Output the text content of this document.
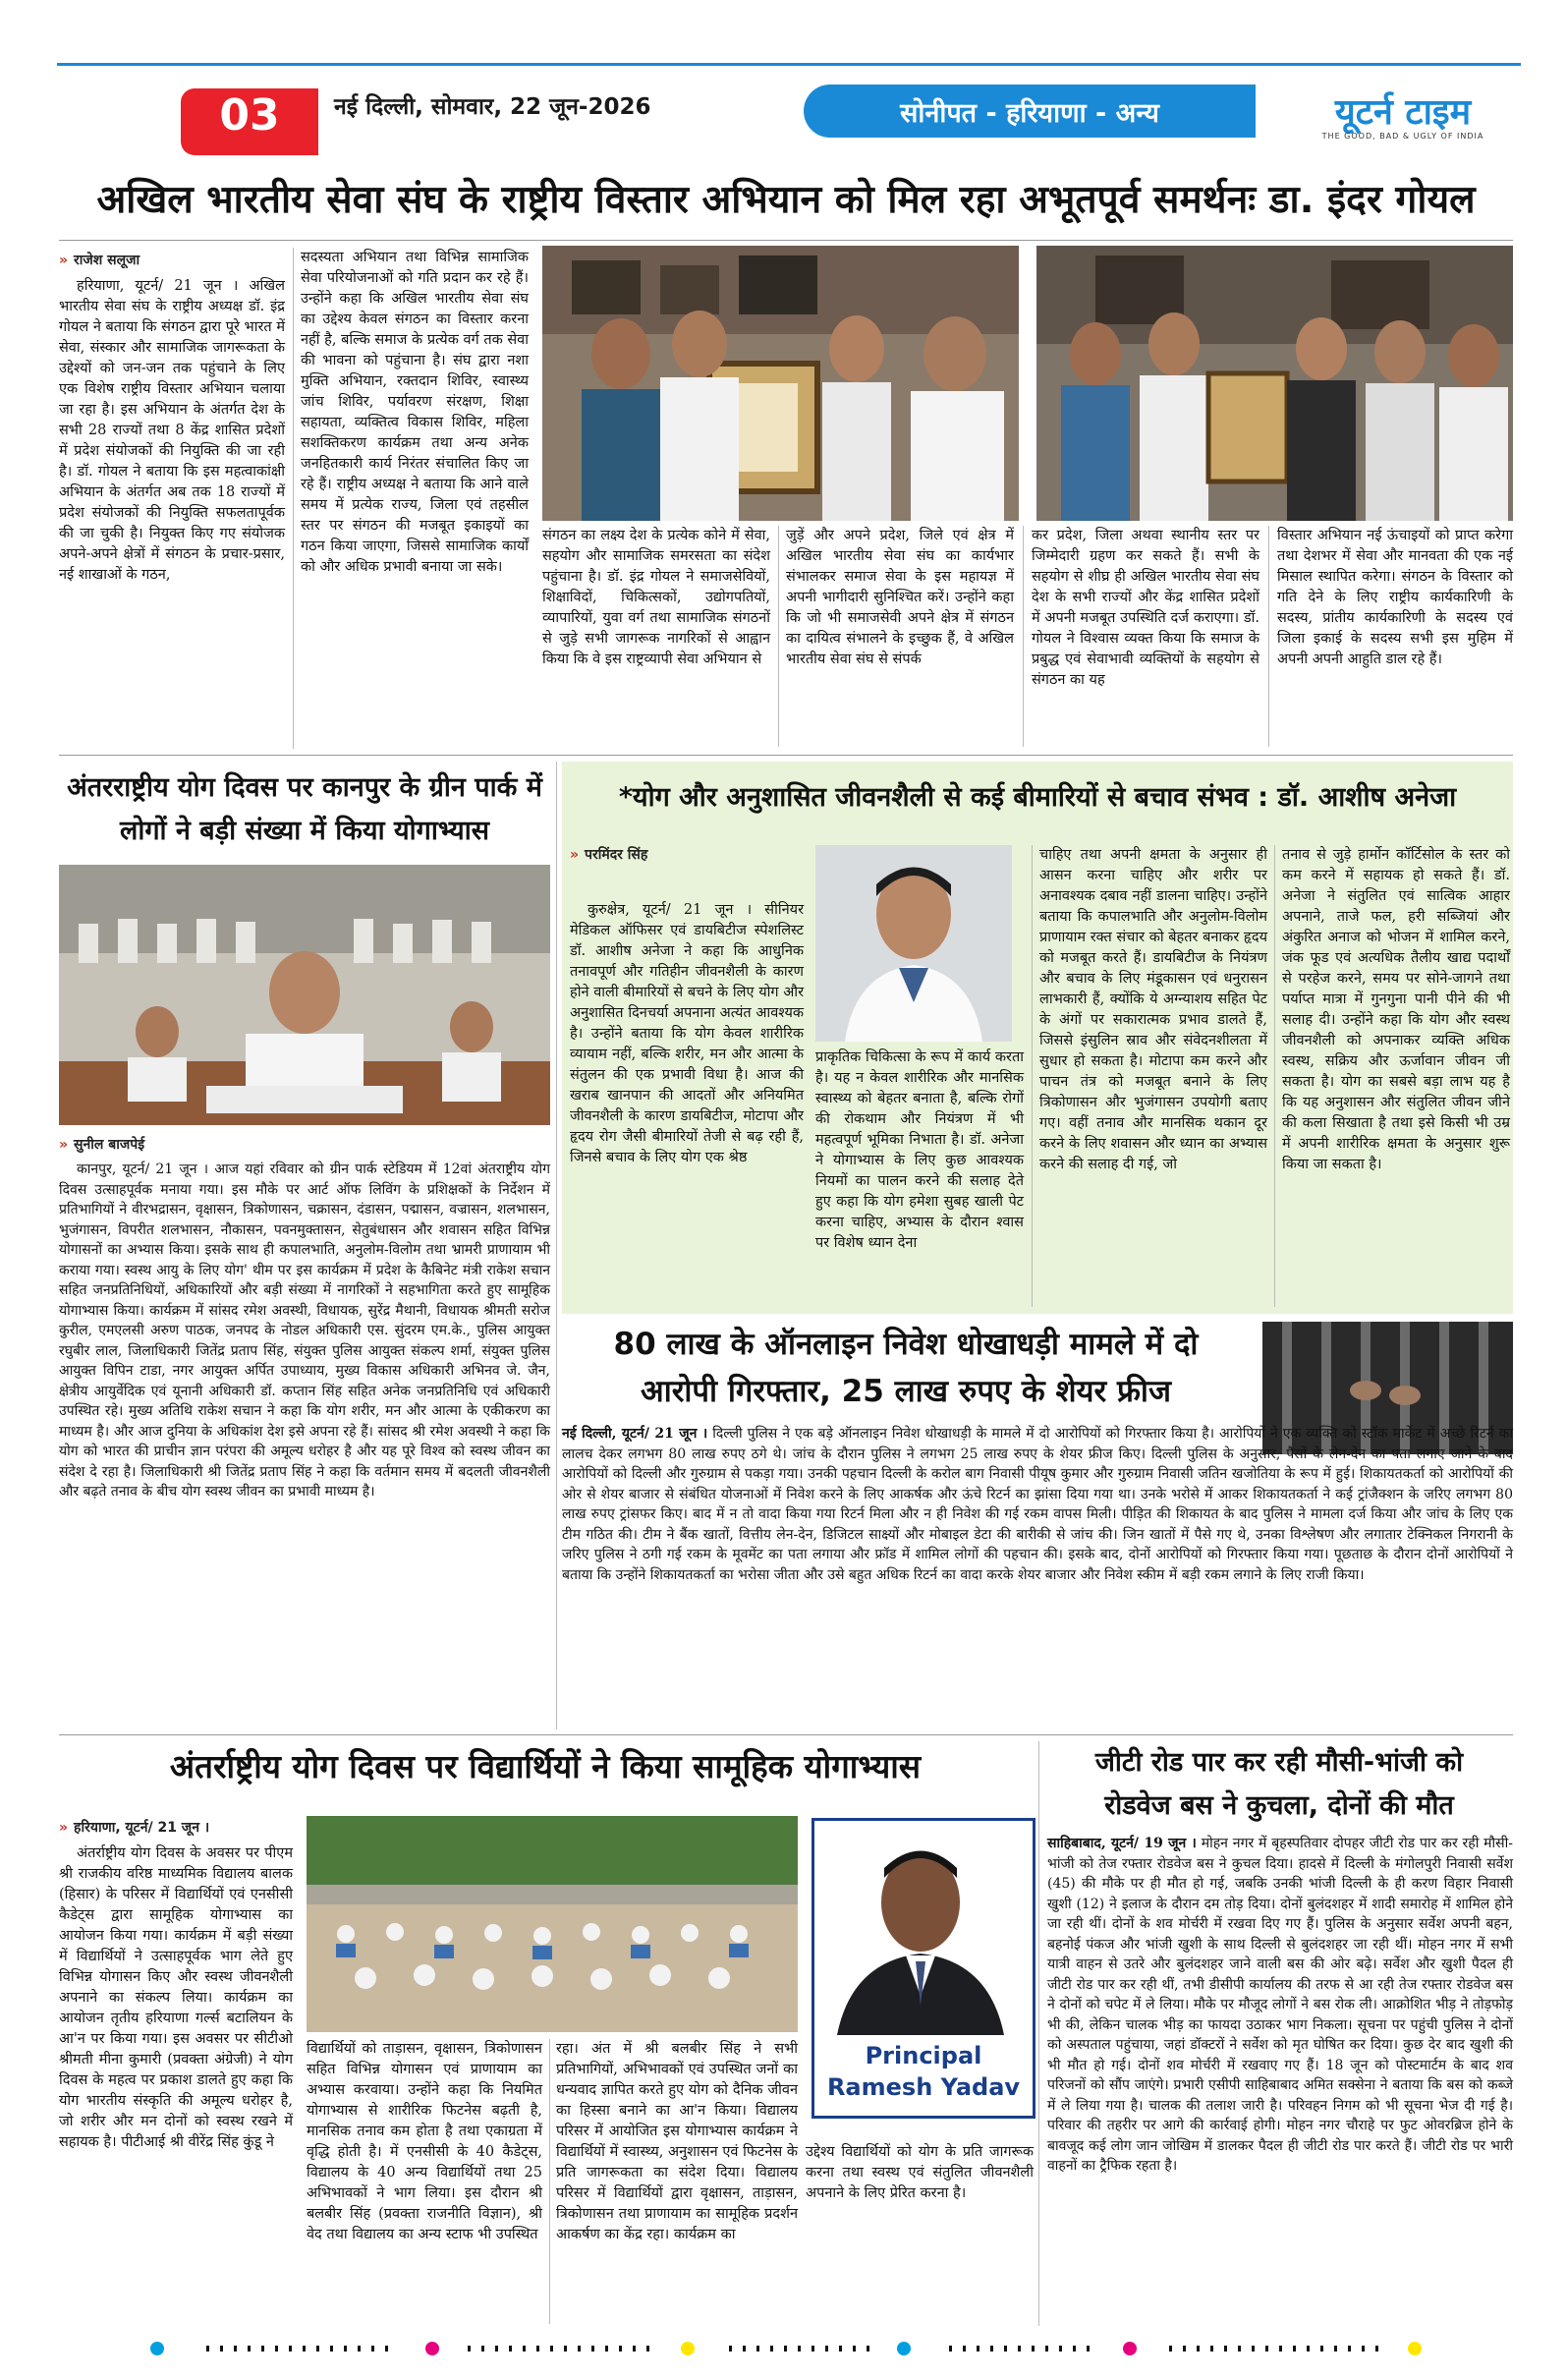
03	नई दिल्ली, सोमवार, 22 जून-2026	सोनीपत - हरियाणा - अन्य	यूटर्न टाइम
THE GOOD, BAD & UGLY OF INDIA
अखिल भारतीय सेवा संघ के राष्ट्रीय विस्तार अभियान को मिल रहा अभूतपूर्व समर्थनः डा. इंदर गोयल
» राजेश सलूजा

हरियाणा, यूटर्न/ 21 जून । अखिल भारतीय सेवा संघ के राष्ट्रीय अध्यक्ष डॉ. इंद्र गोयल ने बताया कि संगठन द्वारा पूरे भारत में सेवा, संस्कार और सामाजिक जागरूकता के उद्देश्यों को जन-जन तक पहुंचाने के लिए एक विशेष राष्ट्रीय विस्तार अभियान चलाया जा रहा है। इस अभियान के अंतर्गत देश के सभी 28 राज्यों तथा 8 केंद्र शासित प्रदेशों में प्रदेश संयोजकों की नियुक्ति की जा रही है। डॉ. गोयल ने बताया कि इस महत्वाकांक्षी अभियान के अंतर्गत अब तक 18 राज्यों में प्रदेश संयोजकों की नियुक्ति सफलतापूर्वक की जा चुकी है। नियुक्त किए गए संयोजक अपने-अपने क्षेत्रों में संगठन के प्रचार-प्रसार, नई शाखाओं के गठन,

सदस्यता अभियान तथा विभिन्न सामाजिक सेवा परियोजनाओं को गति प्रदान कर रहे हैं। उन्होंने कहा कि अखिल भारतीय सेवा संघ का उद्देश्य केवल संगठन का विस्तार करना नहीं है, बल्कि समाज के प्रत्येक वर्ग तक सेवा की भावना को पहुंचाना है। संघ द्वारा नशा मुक्ति अभियान, रक्तदान शिविर, स्वास्थ्य जांच शिविर, पर्यावरण संरक्षण, शिक्षा सहायता, व्यक्तित्व विकास शिविर, महिला सशक्तिकरण कार्यक्रम तथा अन्य अनेक जनहितकारी कार्य निरंतर संचालित किए जा रहे हैं। राष्ट्रीय अध्यक्ष ने बताया कि आने वाले समय में प्रत्येक राज्य, जिला एवं तहसील स्तर पर संगठन की मजबूत इकाइयों का गठन किया जाएगा, जिससे सामाजिक कार्यों को और अधिक प्रभावी बनाया जा सके।

संगठन का लक्ष्य देश के प्रत्येक कोने में सेवा, सहयोग और सामाजिक समरसता का संदेश पहुंचाना है। डॉ. इंद्र गोयल ने समाजसेवियों, शिक्षाविदों, चिकित्सकों, उद्योगपतियों, व्यापारियों, युवा वर्ग तथा सामाजिक संगठनों से जुड़े सभी जागरूक नागरिकों से आह्वान किया कि वे इस राष्ट्रव्यापी सेवा अभियान से

जुड़ें और अपने प्रदेश, जिले एवं क्षेत्र में अखिल भारतीय सेवा संघ का कार्यभार संभालकर समाज सेवा के इस महायज्ञ में अपनी भागीदारी सुनिश्चित करें। उन्होंने कहा कि जो भी समाजसेवी अपने क्षेत्र में संगठन का दायित्व संभालने के इच्छुक हैं, वे अखिल भारतीय सेवा संघ से संपर्क

कर प्रदेश, जिला अथवा स्थानीय स्तर पर जिम्मेदारी ग्रहण कर सकते हैं। सभी के सहयोग से शीघ्र ही अखिल भारतीय सेवा संघ देश के सभी राज्यों और केंद्र शासित प्रदेशों में अपनी मजबूत उपस्थिति दर्ज कराएगा। डॉ. गोयल ने विश्वास व्यक्त किया कि समाज के प्रबुद्ध एवं सेवाभावी व्यक्तियों के सहयोग से संगठन का यह

विस्तार अभियान नई ऊंचाइयों को प्राप्त करेगा तथा देशभर में सेवा और मानवता की एक नई मिसाल स्थापित करेगा। संगठन के विस्तार को गति देने के लिए राष्ट्रीय कार्यकारिणी के सदस्य, प्रांतीय कार्यकारिणी के सदस्य एवं जिला इकाई के सदस्य सभी इस मुहिम में अपनी अपनी आहुति डाल रहे हैं।

अंतरराष्ट्रीय योग दिवस पर कानपुर के ग्रीन पार्क में लोगों ने बड़ी संख्या में किया योगाभ्यास
» सुनील बाजपेई

कानपुर, यूटर्न/ 21 जून । आज यहां रविवार को ग्रीन पार्क स्टेडियम में 12वां अंतराष्ट्रीय योग दिवस उत्साहपूर्वक मनाया गया। इस मौके पर आर्ट ऑफ लिविंग के प्रशिक्षकों के निर्देशन में प्रतिभागियों ने वीरभद्रासन, वृक्षासन, त्रिकोणासन, चक्रासन, दंडासन, पद्मासन, वज्रासन, शलभासन, भुजंगासन, विपरीत शलभासन, नौकासन, पवनमुक्तासन, सेतुबंधासन और शवासन सहित विभिन्न योगासनों का अभ्यास किया। इसके साथ ही कपालभाति, अनुलोम-विलोम तथा भ्रामरी प्राणायाम भी कराया गया। स्वस्थ आयु के लिए योग' थीम पर इस कार्यक्रम में प्रदेश के कैबिनेट मंत्री राकेश सचान सहित जनप्रतिनिधियों, अधिकारियों और बड़ी संख्या में नागरिकों ने सहभागिता करते हुए सामूहिक योगाभ्यास किया। कार्यक्रम में सांसद रमेश अवस्थी, विधायक, सुरेंद्र मैथानी, विधायक श्रीमती सरोज कुरील, एमएलसी अरुण पाठक, जनपद के नोडल अधिकारी एस. सुंदरम एम.के., पुलिस आयुक्त रघुबीर लाल, जिलाधिकारी जितेंद्र प्रताप सिंह, संयुक्त पुलिस आयुक्त संकल्प शर्मा, संयुक्त पुलिस आयुक्त विपिन टाडा, नगर आयुक्त अर्पित उपाध्याय, मुख्य विकास अधिकारी अभिनव जे. जैन, क्षेत्रीय आयुर्वेदिक एवं यूनानी अधिकारी डॉ. कप्तान सिंह सहित अनेक जनप्रतिनिधि एवं अधिकारी उपस्थित रहे। मुख्य अतिथि राकेश सचान ने कहा कि योग शरीर, मन और आत्मा के एकीकरण का माध्यम है। और आज दुनिया के अधिकांश देश इसे अपना रहे हैं। सांसद श्री रमेश अवस्थी ने कहा कि योग को भारत की प्राचीन ज्ञान परंपरा की अमूल्य धरोहर है और यह पूरे विश्व को स्वस्थ जीवन का संदेश दे रहा है। जिलाधिकारी श्री जितेंद्र प्रताप सिंह ने कहा कि वर्तमान समय में बदलती जीवनशैली और बढ़ते तनाव के बीच योग स्वस्थ जीवन का प्रभावी माध्यम है।

*योग और अनुशासित जीवनशैली से कई बीमारियों से बचाव संभव : डॉ. आशीष अनेजा
» परमिंदर सिंह

कुरुक्षेत्र, यूटर्न/ 21 जून । सीनियर मेडिकल ऑफिसर एवं डायबिटीज स्पेशलिस्ट डॉ. आशीष अनेजा ने कहा कि आधुनिक तनावपूर्ण और गतिहीन जीवनशैली के कारण होने वाली बीमारियों से बचने के लिए योग और अनुशासित दिनचर्या अपनाना अत्यंत आवश्यक है। उन्होंने बताया कि योग केवल शारीरिक व्यायाम नहीं, बल्कि शरीर, मन और आत्मा के संतुलन की एक प्रभावी विधा है। आज की खराब खानपान की आदतों और अनियमित जीवनशैली के कारण डायबिटीज, मोटापा और हृदय रोग जैसी बीमारियों तेजी से बढ़ रही हैं, जिनसे बचाव के लिए योग एक श्रेष्ठ

प्राकृतिक चिकित्सा के रूप में कार्य करता है। यह न केवल शारीरिक और मानसिक स्वास्थ्य को बेहतर बनाता है, बल्कि रोगों की रोकथाम और नियंत्रण में भी महत्वपूर्ण भूमिका निभाता है। डॉ. अनेजा ने योगाभ्यास के लिए कुछ आवश्यक नियमों का पालन करने की सलाह देते हुए कहा कि योग हमेशा सुबह खाली पेट करना चाहिए, अभ्यास के दौरान श्वास पर विशेष ध्यान देना

चाहिए तथा अपनी क्षमता के अनुसार ही आसन करना चाहिए और शरीर पर अनावश्यक दबाव नहीं डालना चाहिए। उन्होंने बताया कि कपालभाति और अनुलोम-विलोम प्राणायाम रक्त संचार को बेहतर बनाकर हृदय को मजबूत करते हैं। डायबिटीज के नियंत्रण और बचाव के लिए मंडूकासन एवं धनुरासन लाभकारी हैं, क्योंकि ये अग्न्याशय सहित पेट के अंगों पर सकारात्मक प्रभाव डालते हैं, जिससे इंसुलिन स्राव और संवेदनशीलता में सुधार हो सकता है। मोटापा कम करने और पाचन तंत्र को मजबूत बनाने के लिए त्रिकोणासन और भुजंगासन उपयोगी बताए गए। वहीं तनाव और मानसिक थकान दूर करने के लिए शवासन और ध्यान का अभ्यास करने की सलाह दी गई, जो

तनाव से जुड़े हार्मोन कॉर्टिसोल के स्तर को कम करने में सहायक हो सकते हैं। डॉ. अनेजा ने संतुलित एवं सात्विक आहार अपनाने, ताजे फल, हरी सब्जियां और अंकुरित अनाज को भोजन में शामिल करने, जंक फूड एवं अत्यधिक तैलीय खाद्य पदार्थों से परहेज करने, समय पर सोने-जागने तथा पर्याप्त मात्रा में गुनगुना पानी पीने की भी सलाह दी। उन्होंने कहा कि योग और स्वस्थ जीवनशैली को अपनाकर व्यक्ति अधिक स्वस्थ, सक्रिय और ऊर्जावान जीवन जी सकता है। योग का सबसे बड़ा लाभ यह है कि यह अनुशासन और संतुलित जीवन जीने की कला सिखाता है तथा इसे किसी भी उम्र में अपनी शारीरिक क्षमता के अनुसार शुरू किया जा सकता है।

80 लाख के ऑनलाइन निवेश धोखाधड़ी मामले में दो
आरोपी गिरफ्तार, 25 लाख रुपए के शेयर फ्रीज

नई दिल्ली, यूटर्न/ 21 जून । दिल्ली पुलिस ने एक बड़े ऑनलाइन निवेश धोखाधड़ी के मामले में दो आरोपियों को गिरफ्तार किया है। आरोपियों ने एक व्यक्ति को स्टॉक मार्केट में अच्छे रिटर्न का लालच देकर लगभग 80 लाख रुपए ठगे थे। जांच के दौरान पुलिस ने लगभग 25 लाख रुपए के शेयर फ्रीज किए। दिल्ली पुलिस के अनुसार, पैसों के लेन-देन का पता लगाए जाने के बाद आरोपियों को दिल्ली और गुरुग्राम से पकड़ा गया। उनकी पहचान दिल्ली के करोल बाग निवासी पीयूष कुमार और गुरुग्राम निवासी जतिन खजोतिया के रूप में हुई। शिकायतकर्ता को आरोपियों की ओर से शेयर बाजार से संबंधित योजनाओं में निवेश करने के लिए आकर्षक और ऊंचे रिटर्न का झांसा दिया गया था। उनके भरोसे में आकर शिकायतकर्ता ने कई ट्रांजैक्शन के जरिए लगभग 80 लाख रुपए ट्रांसफर किए। बाद में न तो वादा किया गया रिटर्न मिला और न ही निवेश की गई रकम वापस मिली। पीड़ित की शिकायत के बाद पुलिस ने मामला दर्ज किया और जांच के लिए एक टीम गठित की। टीम ने बैंक खातों, वित्तीय लेन-देन, डिजिटल साक्ष्यों और मोबाइल डेटा की बारीकी से जांच की। जिन खातों में पैसे गए थे, उनका विश्लेषण और लगातार टेक्निकल निगरानी के जरिए पुलिस ने ठगी गई रकम के मूवमेंट का पता लगाया और फ्रॉड में शामिल लोगों की पहचान की। इसके बाद, दोनों आरोपियों को गिरफ्तार किया गया। पूछताछ के दौरान दोनों आरोपियों ने बताया कि उन्होंने शिकायतकर्ता का भरोसा जीता और उसे बहुत अधिक रिटर्न का वादा करके शेयर बाजार और निवेश स्कीम में बड़ी रकम लगाने के लिए राजी किया।

अंतर्राष्ट्रीय योग दिवस पर विद्यार्थियों ने किया सामूहिक योगाभ्यास
» हरियाणा, यूटर्न/ 21 जून ।

अंतर्राष्ट्रीय योग दिवस के अवसर पर पीएम श्री राजकीय वरिष्ठ माध्यमिक विद्यालय बालक (हिसार) के परिसर में विद्यार्थियों एवं एनसीसी कैडेट्स द्वारा सामूहिक योगाभ्यास का आयोजन किया गया। कार्यक्रम में बड़ी संख्या में विद्यार्थियों ने उत्साहपूर्वक भाग लेते हुए विभिन्न योगासन किए और स्वस्थ जीवनशैली अपनाने का संकल्प लिया। कार्यक्रम का आयोजन तृतीय हरियाणा गर्ल्स बटालियन के आ'न पर किया गया। इस अवसर पर सीटीओ श्रीमती मीना कुमारी (प्रवक्ता अंग्रेजी) ने योग दिवस के महत्व पर प्रकाश डालते हुए कहा कि योग भारतीय संस्कृति की अमूल्य धरोहर है, जो शरीर और मन दोनों को स्वस्थ रखने में सहायक है। पीटीआई श्री वीरेंद्र सिंह कुंडू ने

विद्यार्थियों को ताड़ासन, वृक्षासन, त्रिकोणासन सहित विभिन्न योगासन एवं प्राणायाम का अभ्यास करवाया। उन्होंने कहा कि नियमित योगाभ्यास से शारीरिक फिटनेस बढ़ती है, मानसिक तनाव कम होता है तथा एकाग्रता में वृद्धि होती है। में एनसीसी के 40 कैडेट्स, विद्यालय के 40 अन्य विद्यार्थियों तथा 25 अभिभावकों ने भाग लिया। इस दौरान श्री बलबीर सिंह (प्रवक्ता राजनीति विज्ञान), श्री वेद तथा विद्यालय का अन्य स्टाफ भी उपस्थित

रहा। अंत में श्री बलबीर सिंह ने सभी प्रतिभागियों, अभिभावकों एवं उपस्थित जनों का धन्यवाद ज्ञापित करते हुए योग को दैनिक जीवन का हिस्सा बनाने का आ'न किया। विद्यालय परिसर में आयोजित इस योगाभ्यास कार्यक्रम ने विद्यार्थियों में स्वास्थ्य, अनुशासन एवं फिटनेस के प्रति जागरूकता का संदेश दिया। विद्यालय परिसर में विद्यार्थियों द्वारा वृक्षासन, ताड़ासन, त्रिकोणासन तथा प्राणायाम का सामूहिक प्रदर्शन आकर्षण का केंद्र रहा। कार्यक्रम का

Principal
Ramesh Yadav

उद्देश्य विद्यार्थियों को योग के प्रति जागरूक करना तथा स्वस्थ एवं संतुलित जीवनशैली अपनाने के लिए प्रेरित करना है।

जीटी रोड पार कर रही मौसी-भांजी को
रोडवेज बस ने कुचला, दोनों की मौत

साहिबाबाद, यूटर्न/ 19 जून । मोहन नगर में बृहस्पतिवार दोपहर जीटी रोड पार कर रही मौसी-भांजी को तेज रफ्तार रोडवेज बस ने कुचल दिया। हादसे में दिल्ली के मंगोलपुरी निवासी सर्वेश (45) की मौके पर ही मौत हो गई, जबकि उनकी भांजी दिल्ली के ही करण विहार निवासी खुशी (12) ने इलाज के दौरान दम तोड़ दिया। दोनों बुलंदशहर में शादी समारोह में शामिल होने जा रही थीं। दोनों के शव मोर्चरी में रखवा दिए गए हैं। पुलिस के अनुसार सर्वेश अपनी बहन, बहनोई पंकज और भांजी खुशी के साथ दिल्ली से बुलंदशहर जा रही थीं। मोहन नगर में सभी यात्री वाहन से उतरे और बुलंदशहर जाने वाली बस की ओर बढ़े। सर्वेश और खुशी पैदल ही जीटी रोड पार कर रही थीं, तभी डीसीपी कार्यालय की तरफ से आ रही तेज रफ्तार रोडवेज बस ने दोनों को चपेट में ले लिया। मौके पर मौजूद लोगों ने बस रोक ली। आक्रोशित भीड़ ने तोड़फोड़ भी की, लेकिन चालक भीड़ का फायदा उठाकर भाग निकला। सूचना पर पहुंची पुलिस ने दोनों को अस्पताल पहुंचाया, जहां डॉक्टरों ने सर्वेश को मृत घोषित कर दिया। कुछ देर बाद खुशी की भी मौत हो गई। दोनों शव मोर्चरी में रखवाए गए हैं। 18 जून को पोस्टमार्टम के बाद शव परिजनों को सौंप जाएंगे। प्रभारी एसीपी साहिबाबाद अमित सक्सेना ने बताया कि बस को कब्जे में ले लिया गया है। चालक की तलाश जारी है। परिवहन निगम को भी सूचना भेज दी गई है। परिवार की तहरीर पर आगे की कार्रवाई होगी। मोहन नगर चौराहे पर फुट ओवरब्रिज होने के बावजूद कई लोग जान जोखिम में डालकर पैदल ही जीटी रोड पार करते हैं। जीटी रोड पर भारी वाहनों का ट्रैफिक रहता है।
